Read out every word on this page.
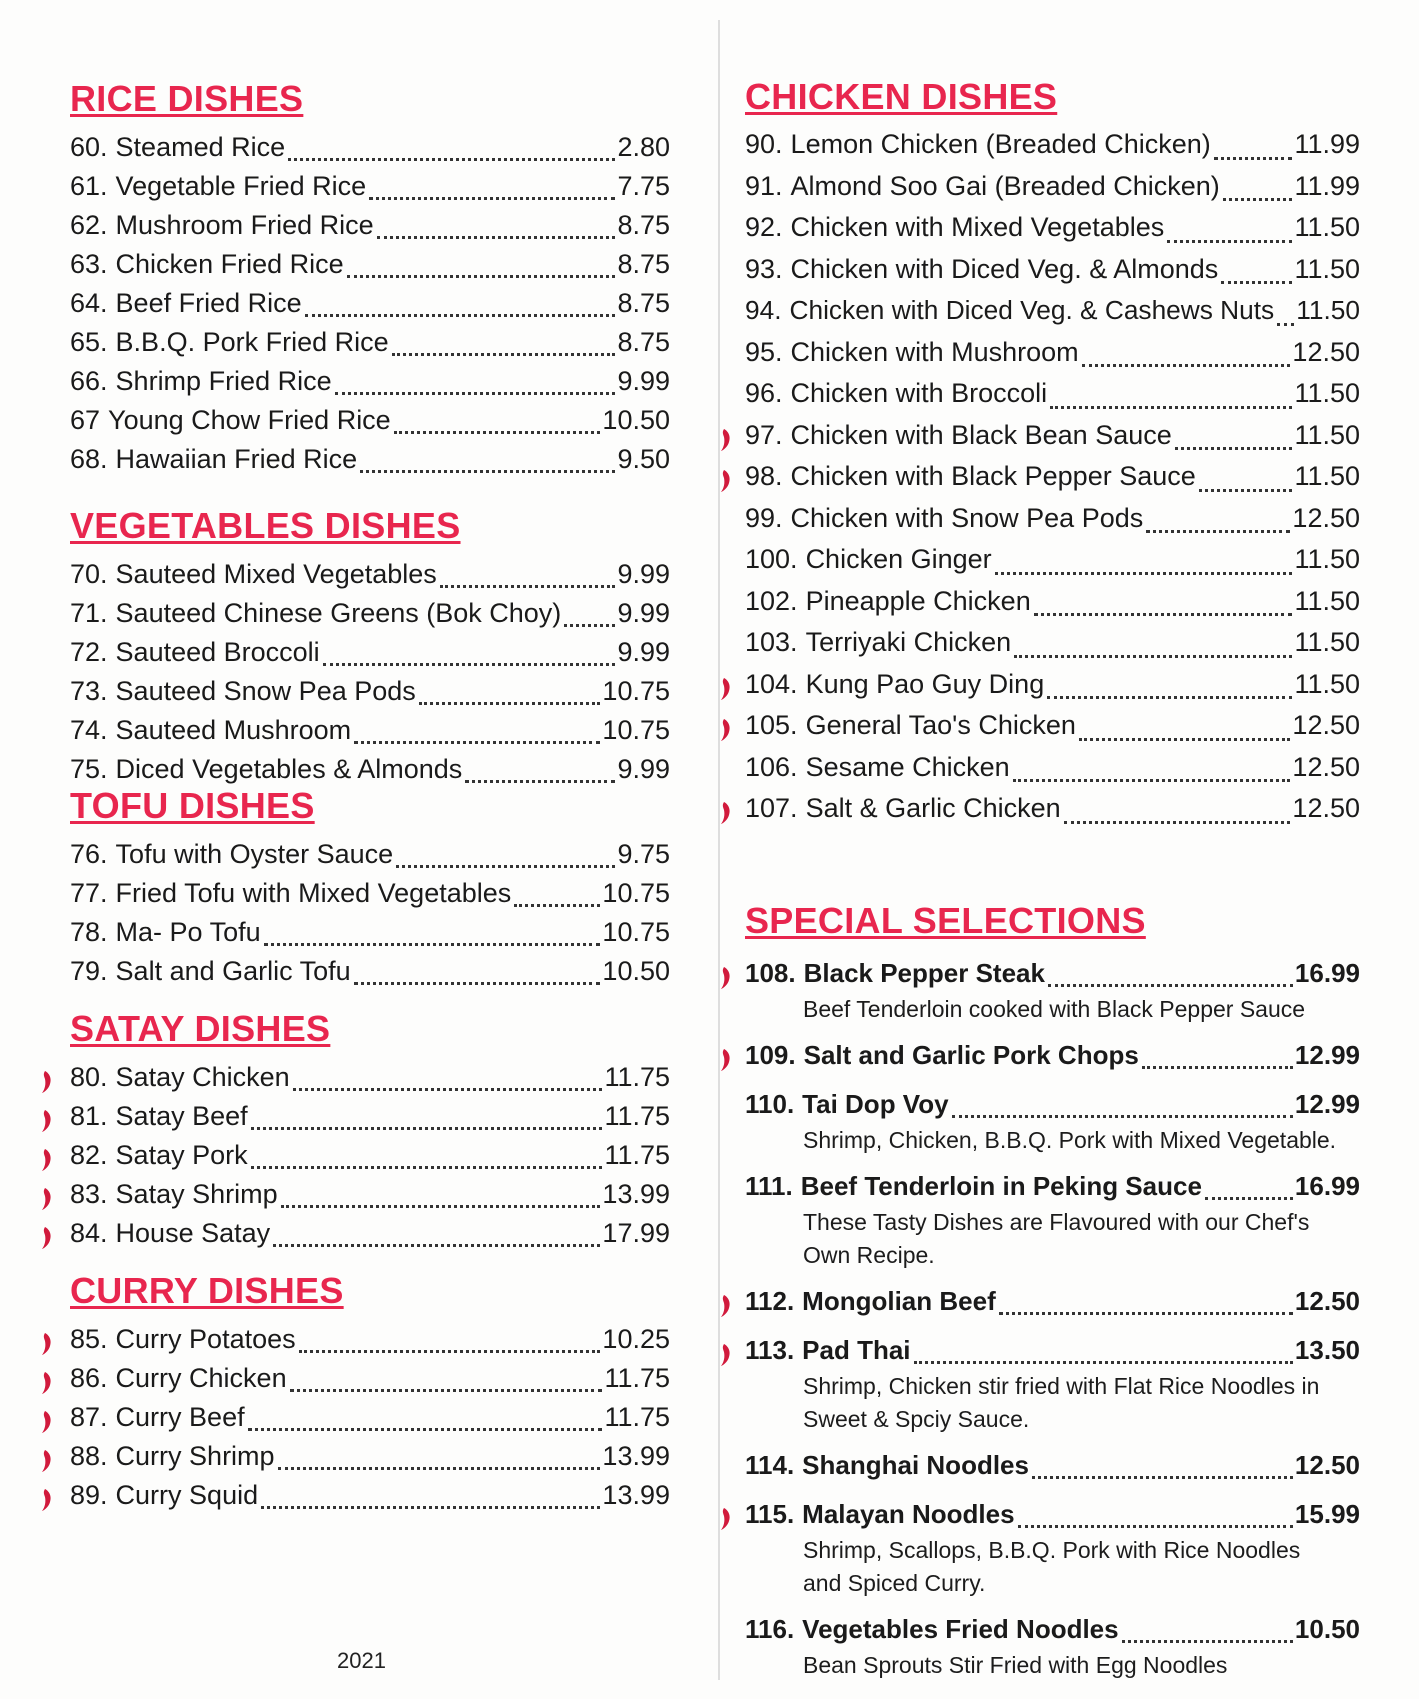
RICE DISHES
60. Steamed Rice	2.80
61. Vegetable Fried Rice	7.75
62. Mushroom Fried Rice	8.75
63. Chicken Fried Rice	8.75
64. Beef Fried Rice	8.75
65. B.B.Q. Pork Fried Rice	8.75
66. Shrimp Fried Rice	9.99
67 Young Chow Fried Rice	10.50
68. Hawaiian Fried Rice	9.50
VEGETABLES DISHES
70. Sauteed Mixed Vegetables	9.99
71. Sauteed Chinese Greens (Bok Choy) 9.99
72. Sauteed Broccoli	9.99
73. Sauteed Snow Pea Pods	10.75
74. Sauteed Mushroom	10.75
75. Diced Vegetables & Almonds	9.99
TOFU DISHES
76. Tofu with Oyster Sauce	9.75
77. Fried Tofu with Mixed Vegetables	10.75
78. Ma- Po Tofu	10.75
79. Salt and Garlic Tofu	10.50
SATAY DISHES
80. Satay Chicken	11.75
81. Satay Beef	11.75
82. Satay Pork	11.75
83. Satay Shrimp	13.99
84. House Satay	17.99
CURRY DISHES
85. Curry Potatoes	10.25
86. Curry Chicken	11.75
87. Curry Beef	11.75
88. Curry Shrimp	13.99
89. Curry Squid	13.99
CHICKEN DISHES
90. Lemon Chicken (Breaded Chicken)	11.99
91. Almond Soo Gai (Breaded Chicken)	11.99
92. Chicken with Mixed Vegetables	11.50
93. Chicken with Diced Veg. & Almonds	11.50
94. Chicken with Diced Veg. & Cashews Nuts 11.50
95. Chicken with Mushroom	12.50
96. Chicken with Broccoli	11.50
97. Chicken with Black Bean Sauce	11.50
98. Chicken with Black Pepper Sauce	11.50
99. Chicken with Snow Pea Pods	12.50
100. Chicken Ginger	11.50
102. Pineapple Chicken	11.50
103. Terriyaki Chicken	11.50
104. Kung Pao Guy Ding	11.50
105. General Tao's Chicken	12.50
106. Sesame Chicken	12.50
107. Salt & Garlic Chicken	12.50
SPECIAL SELECTIONS
108. Black Pepper Steak	16.99
Beef Tenderloin cooked with Black Pepper Sauce
109. Salt and Garlic Pork Chops	12.99
110. Tai Dop Voy	12.99
Shrimp, Chicken, B.B.Q. Pork with Mixed Vegetable.
111. Beef Tenderloin in Peking Sauce	16.99
These Tasty Dishes are Flavoured with our Chef's
Own Recipe.
112. Mongolian Beef	12.50
113. Pad Thai	13.50
Shrimp, Chicken stir fried with Flat Rice Noodles in
Sweet & Spciy Sauce.
114. Shanghai Noodles	12.50
115. Malayan Noodles	15.99
Shrimp, Scallops, B.B.Q. Pork with Rice Noodles
and Spiced Curry.
116. Vegetables Fried Noodles	10.50
Bean Sprouts Stir Fried with Egg Noodles
2021
